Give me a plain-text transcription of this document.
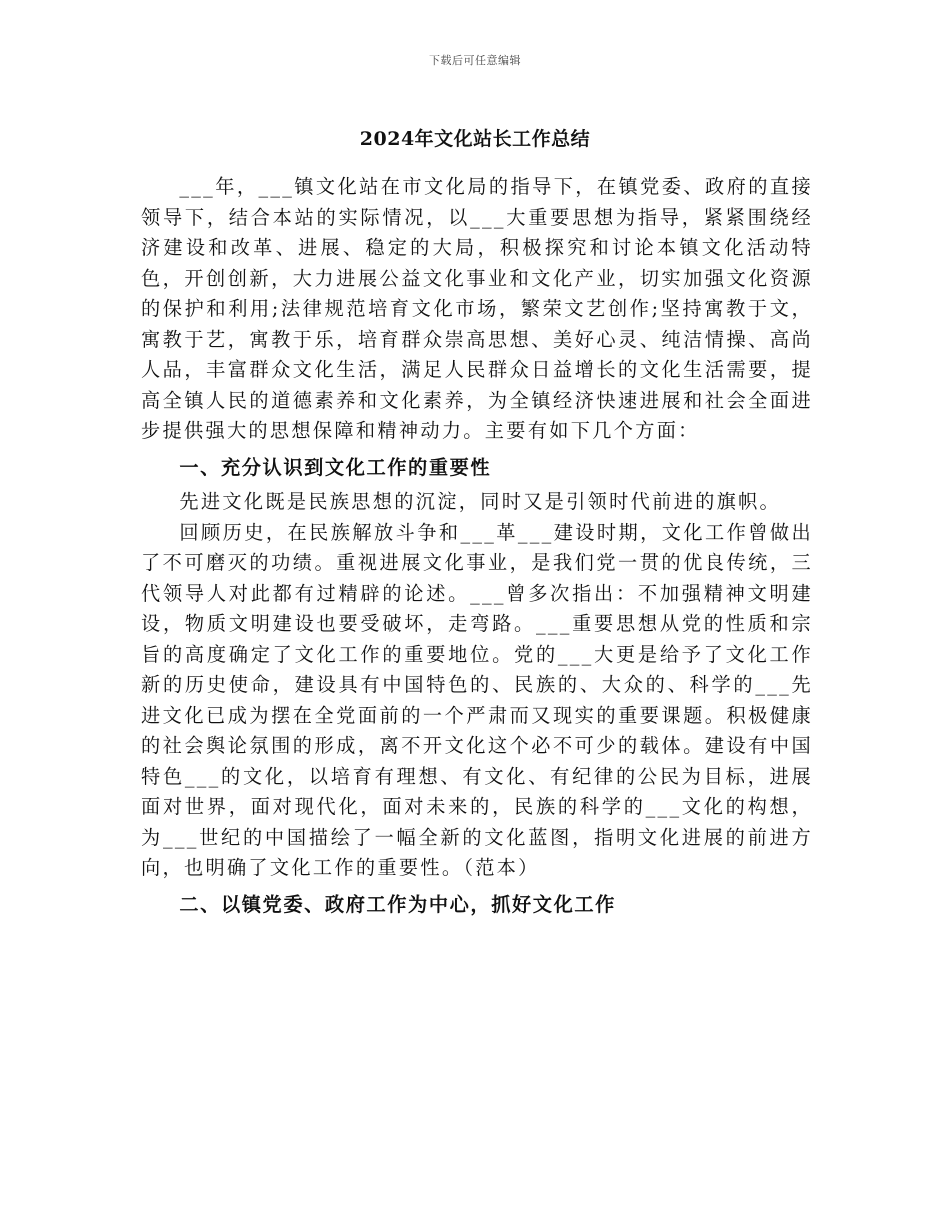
下载后可任意编辑
2024年文化站长工作总结

___年，___镇文化站在市文化局的指导下，在镇党委、政府的直接领导下，结合本站的实际情况，以___大重要思想为指导，紧紧围绕经济建设和改革、进展、稳定的大局，积极探究和讨论本镇文化活动特色，开创创新，大力进展公益文化事业和文化产业，切实加强文化资源的保护和利用;法律规范培育文化市场，繁荣文艺创作;坚持寓教于文，寓教于艺，寓教于乐，培育群众崇高思想、美好心灵、纯洁情操、高尚人品，丰富群众文化生活，满足人民群众日益增长的文化生活需要，提高全镇人民的道德素养和文化素养，为全镇经济快速进展和社会全面进步提供强大的思想保障和精神动力。主要有如下几个方面：

一、充分认识到文化工作的重要性

先进文化既是民族思想的沉淀，同时又是引领时代前进的旗帜。

回顾历史，在民族解放斗争和___革___建设时期，文化工作曾做出了不可磨灭的功绩。重视进展文化事业，是我们党一贯的优良传统，三代领导人对此都有过精辟的论述。___曾多次指出：不加强精神文明建设，物质文明建设也要受破坏，走弯路。___重要思想从党的性质和宗旨的高度确定了文化工作的重要地位。党的___大更是给予了文化工作新的历史使命，建设具有中国特色的、民族的、大众的、科学的___先进文化已成为摆在全党面前的一个严肃而又现实的重要课题。积极健康的社会舆论氛围的形成，离不开文化这个必不可少的载体。建设有中国特色___的文化，以培育有理想、有文化、有纪律的公民为目标，进展面对世界，面对现代化，面对未来的，民族的科学的___文化的构想，为___世纪的中国描绘了一幅全新的文化蓝图，指明文化进展的前进方向，也明确了文化工作的重要性。（范本）

二、以镇党委、政府工作为中心，抓好文化工作
